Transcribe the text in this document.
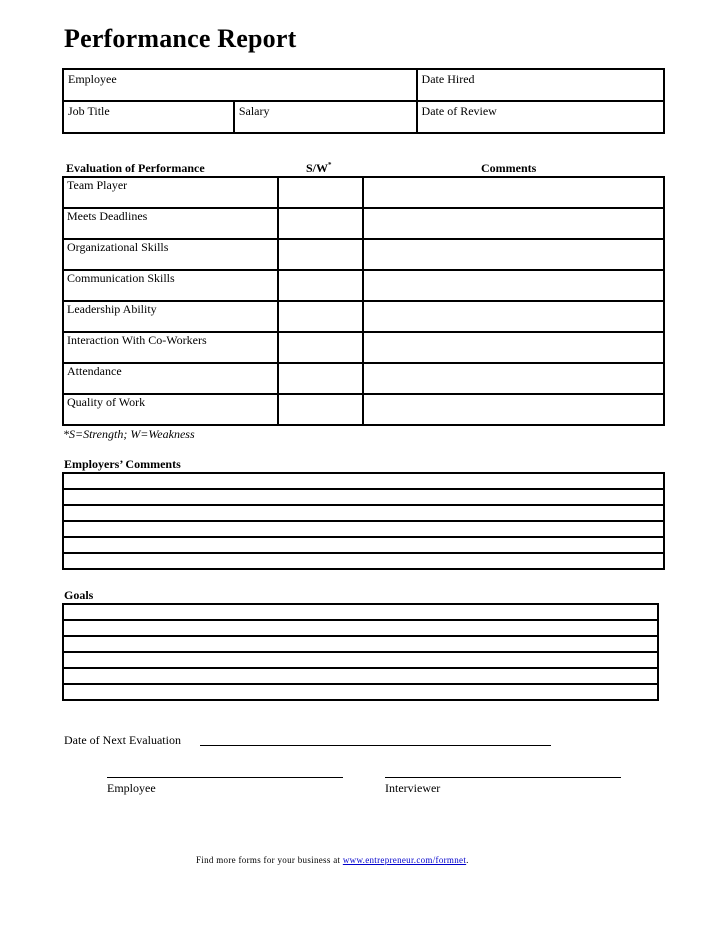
Performance Report
Employee		Date Hired
Job Title	Salary	Date of Review
Evaluation of Performance	S/W*	Comments
Team Player		
Meets Deadlines		
Organizational Skills		
Communication Skills		
Leadership Ability		
Interaction With Co-Workers		
Attendance		
Quality of Work		
*S=Strength; W=Weakness
Employers’ Comments

Goals

Date of Next Evaluation
Employee	Interviewer
Find more forms for your business at www.entrepreneur.com/formnet.
